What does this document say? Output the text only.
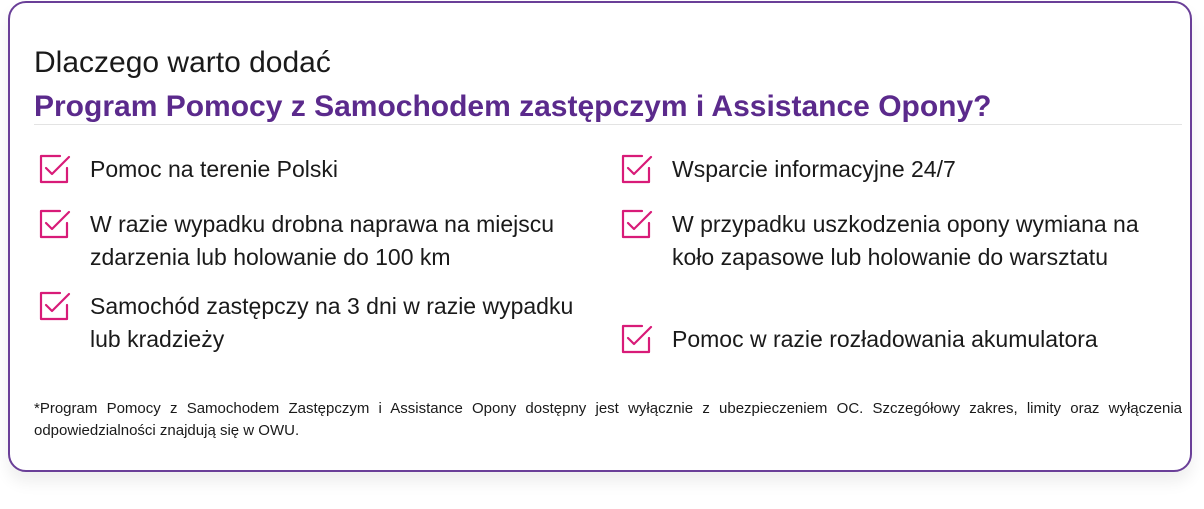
Dlaczego warto dodać
Program Pomocy z Samochodem zastępczym i Assistance Opony?
Pomoc na terenie Polski
W razie wypadku drobna naprawa na miejscu zdarzenia lub holowanie do 100 km
Samochód zastępczy na 3 dni w razie wypadku lub kradzieży
Wsparcie informacyjne 24/7
W przypadku uszkodzenia opony wymiana na koło zapasowe lub holowanie do warsztatu
Pomoc w razie rozładowania akumulatora
*Program Pomocy z Samochodem Zastępczym i Assistance Opony dostępny jest wyłącznie z ubezpieczeniem OC. Szczegółowy zakres, limity oraz wyłączenia odpowiedzialności znajdują się w OWU.
